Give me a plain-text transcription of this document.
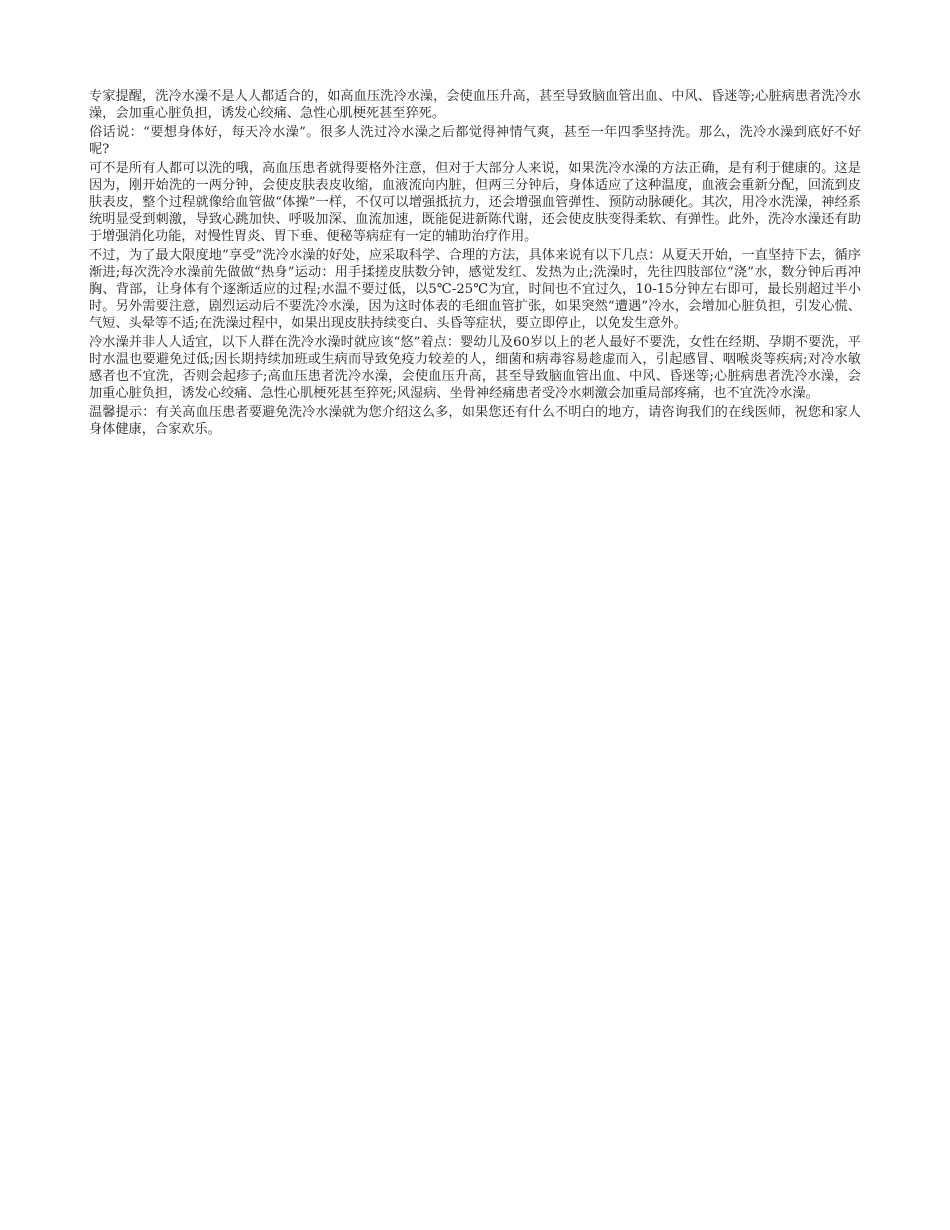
专家提醒，洗冷水澡不是人人都适合的，如高血压洗冷水澡，会使血压升高，甚至导致脑血管出血、中风、昏迷等;心脏病患者洗冷水澡，会加重心脏负担，诱发心绞痛、急性心肌梗死甚至猝死。

俗话说：“要想身体好，每天冷水澡”。很多人洗过冷水澡之后都觉得神情气爽，甚至一年四季坚持洗。那么，洗冷水澡到底好不好呢?

可不是所有人都可以洗的哦，高血压患者就得要格外注意，但对于大部分人来说，如果洗冷水澡的方法正确，是有利于健康的。这是因为，刚开始洗的一两分钟，会使皮肤表皮收缩，血液流向内脏，但两三分钟后，身体适应了这种温度，血液会重新分配，回流到皮肤表皮，整个过程就像给血管做“体操”一样，不仅可以增强抵抗力，还会增强血管弹性、预防动脉硬化。其次，用冷水洗澡，神经系统明显受到刺激，导致心跳加快、呼吸加深、血流加速，既能促进新陈代谢，还会使皮肤变得柔软、有弹性。此外，洗冷水澡还有助于增强消化功能，对慢性胃炎、胃下垂、便秘等病症有一定的辅助治疗作用。

不过，为了最大限度地“享受”洗冷水澡的好处，应采取科学、合理的方法，具体来说有以下几点：从夏天开始，一直坚持下去，循序渐进;每次洗冷水澡前先做做“热身”运动：用手揉搓皮肤数分钟，感觉发红、发热为止;洗澡时，先往四肢部位“浇”水，数分钟后再冲胸、背部，让身体有个逐渐适应的过程;水温不要过低，以5℃-25℃为宜，时间也不宜过久，10-15分钟左右即可，最长别超过半小时。另外需要注意，剧烈运动后不要洗冷水澡，因为这时体表的毛细血管扩张，如果突然“遭遇”冷水，会增加心脏负担，引发心慌、气短、头晕等不适;在洗澡过程中，如果出现皮肤持续变白、头昏等症状，要立即停止，以免发生意外。

冷水澡并非人人适宜，以下人群在洗冷水澡时就应该“悠”着点：婴幼儿及60岁以上的老人最好不要洗，女性在经期、孕期不要洗，平时水温也要避免过低;因长期持续加班或生病而导致免疫力较差的人，细菌和病毒容易趁虚而入，引起感冒、咽喉炎等疾病;对冷水敏感者也不宜洗，否则会起疹子;高血压患者洗冷水澡，会使血压升高，甚至导致脑血管出血、中风、昏迷等;心脏病患者洗冷水澡，会加重心脏负担，诱发心绞痛、急性心肌梗死甚至猝死;风湿病、坐骨神经痛患者受冷水刺激会加重局部疼痛，也不宜洗冷水澡。

温馨提示：有关高血压患者要避免洗冷水澡就为您介绍这么多，如果您还有什么不明白的地方，请咨询我们的在线医师，祝您和家人身体健康，合家欢乐。
